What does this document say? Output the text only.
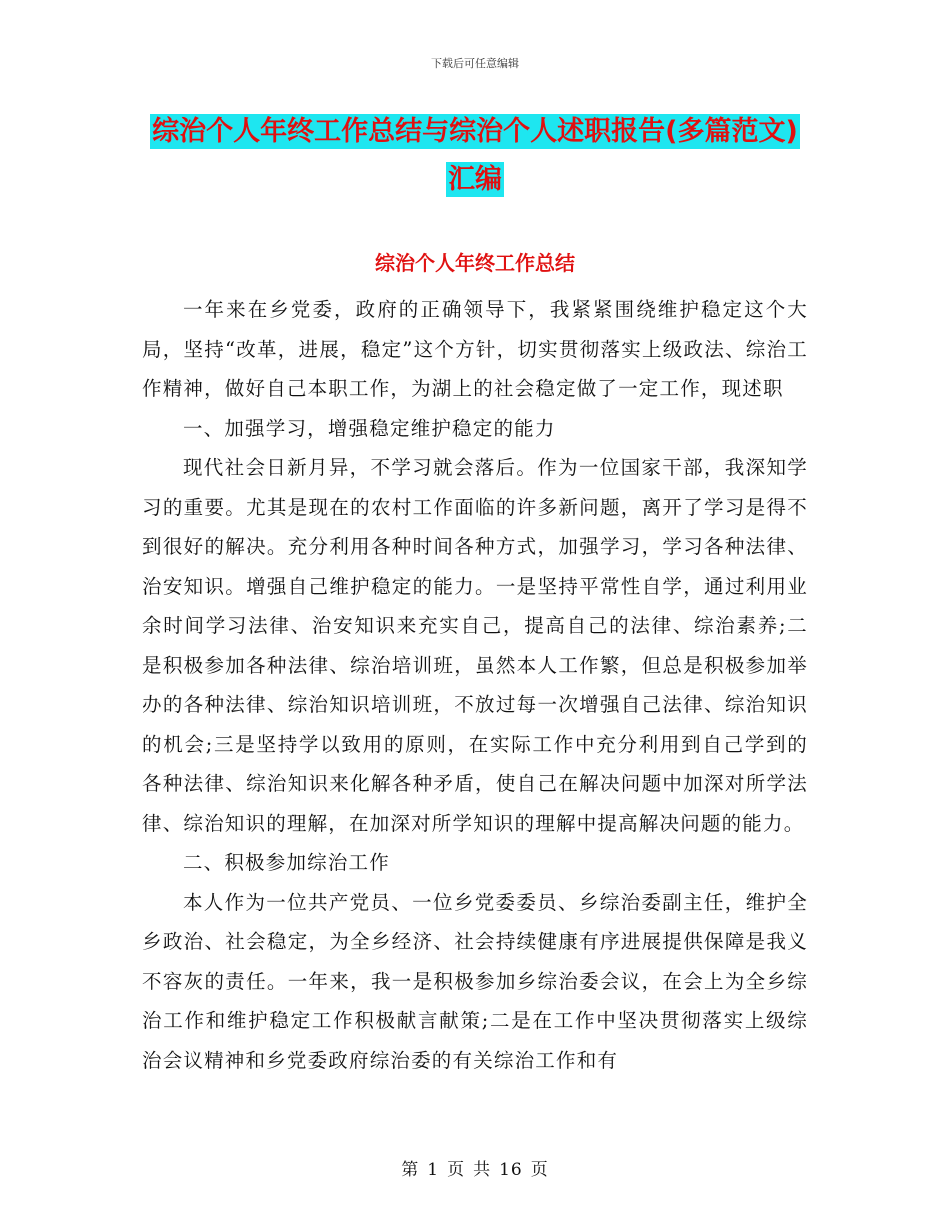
下载后可任意编辑
综治个人年终工作总结与综治个人述职报告(多篇范文)汇编
综治个人年终工作总结

一年来在乡党委，政府的正确领导下，我紧紧围绕维护稳定这个大局，坚持“改革，进展，稳定”这个方针，切实贯彻落实上级政法、综治工作精神，做好自己本职工作，为湖上的社会稳定做了一定工作，现述职

一、加强学习，增强稳定维护稳定的能力

现代社会日新月异，不学习就会落后。作为一位国家干部，我深知学习的重要。尤其是现在的农村工作面临的许多新问题，离开了学习是得不到很好的解决。充分利用各种时间各种方式，加强学习，学习各种法律、治安知识。增强自己维护稳定的能力。一是坚持平常性自学，通过利用业余时间学习法律、治安知识来充实自己，提高自己的法律、综治素养;二是积极参加各种法律、综治培训班，虽然本人工作繁，但总是积极参加举办的各种法律、综治知识培训班，不放过每一次增强自己法律、综治知识的机会;三是坚持学以致用的原则，在实际工作中充分利用到自己学到的各种法律、综治知识来化解各种矛盾，使自己在解决问题中加深对所学法律、综治知识的理解，在加深对所学知识的理解中提高解决问题的能力。

二、积极参加综治工作

本人作为一位共产党员、一位乡党委委员、乡综治委副主任，维护全乡政治、社会稳定，为全乡经济、社会持续健康有序进展提供保障是我义不容灰的责任。一年来，我一是积极参加乡综治委会议，在会上为全乡综治工作和维护稳定工作积极献言献策;二是在工作中坚决贯彻落实上级综治会议精神和乡党委政府综治委的有关综治工作和有

第 1 页 共 16 页
